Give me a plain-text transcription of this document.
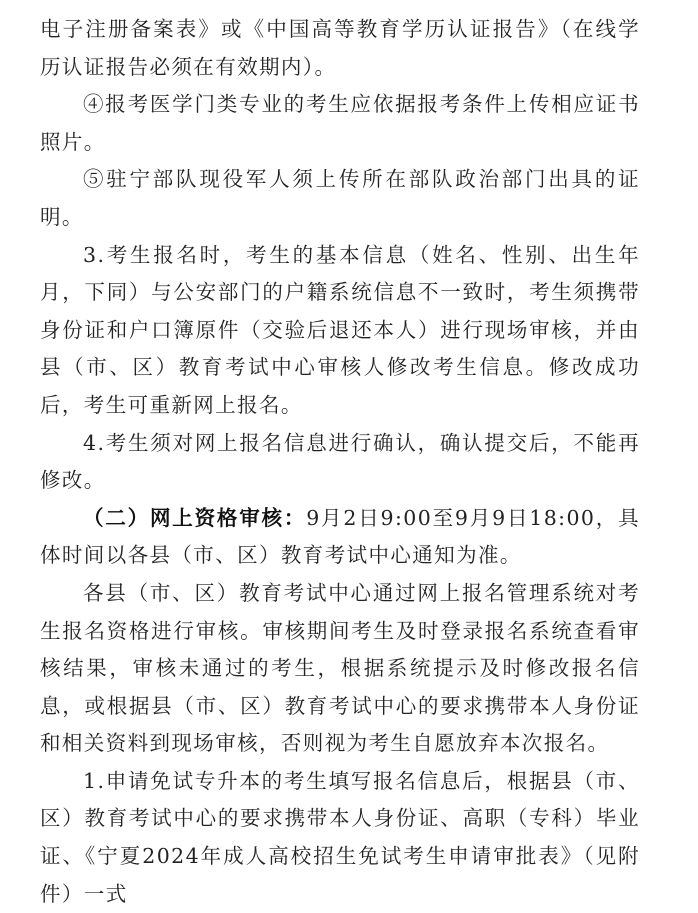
电子注册备案表》或《中国高等教育学历认证报告》（在线学历认证报告必须在有效期内）。

④报考医学门类专业的考生应依据报考条件上传相应证书照片。

⑤驻宁部队现役军人须上传所在部队政治部门出具的证明。

3.考生报名时，考生的基本信息（姓名、性别、出生年月，下同）与公安部门的户籍系统信息不一致时，考生须携带身份证和户口簿原件（交验后退还本人）进行现场审核，并由县（市、区）教育考试中心审核人修改考生信息。修改成功后，考生可重新网上报名。

4.考生须对网上报名信息进行确认，确认提交后，不能再修改。

（二）网上资格审核：9月2日9:00至9月9日18:00，具体时间以各县（市、区）教育考试中心通知为准。

各县（市、区）教育考试中心通过网上报名管理系统对考生报名资格进行审核。审核期间考生及时登录报名系统查看审核结果，审核未通过的考生，根据系统提示及时修改报名信息，或根据县（市、区）教育考试中心的要求携带本人身份证和相关资料到现场审核，否则视为考生自愿放弃本次报名。

1.申请免试专升本的考生填写报名信息后，根据县（市、区）教育考试中心的要求携带本人身份证、高职（专科）毕业证、《宁夏2024年成人高校招生免试考生申请审批表》（见附件）一式
